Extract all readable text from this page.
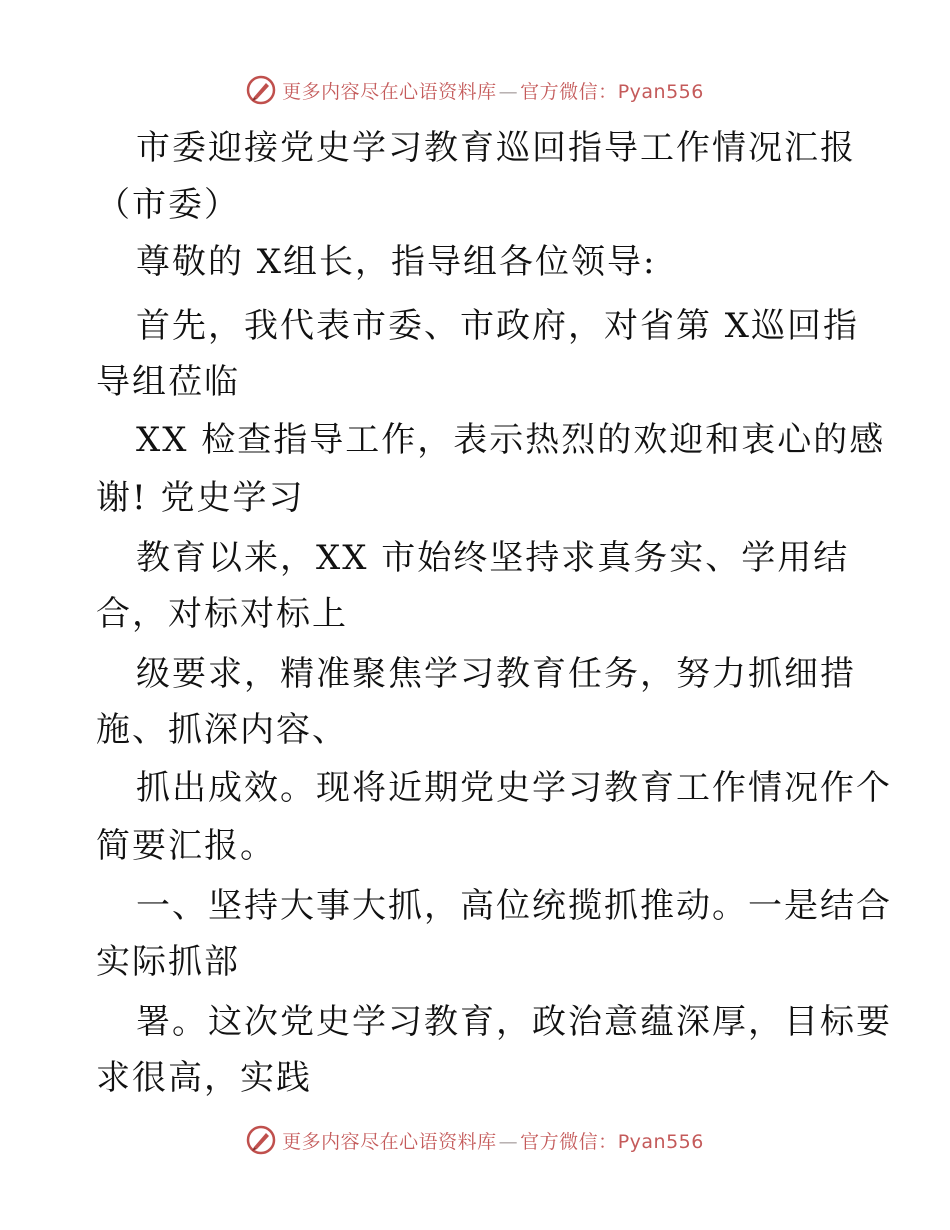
更多内容尽在心语资料库 — 官方微信：Pyan556
市委迎接党史学习教育巡回指导工作情况汇报
（市委）
尊敬的 X组长，指导组各位领导:
首先，我代表市委、市政府，对省第 X巡回指
导组莅临
XX 检查指导工作，表示热烈的欢迎和衷心的感
谢! 党史学习
教育以来，XX 市始终坚持求真务实、学用结
合，对标对标上
级要求，精准聚焦学习教育任务，努力抓细措
施、抓深内容、
抓出成效。现将近期党史学习教育工作情况作个
简要汇报。
一、坚持大事大抓，高位统揽抓推动。一是结合
实际抓部
署。这次党史学习教育，政治意蕴深厚，目标要
求很高，实践
更多内容尽在心语资料库 — 官方微信：Pyan556
